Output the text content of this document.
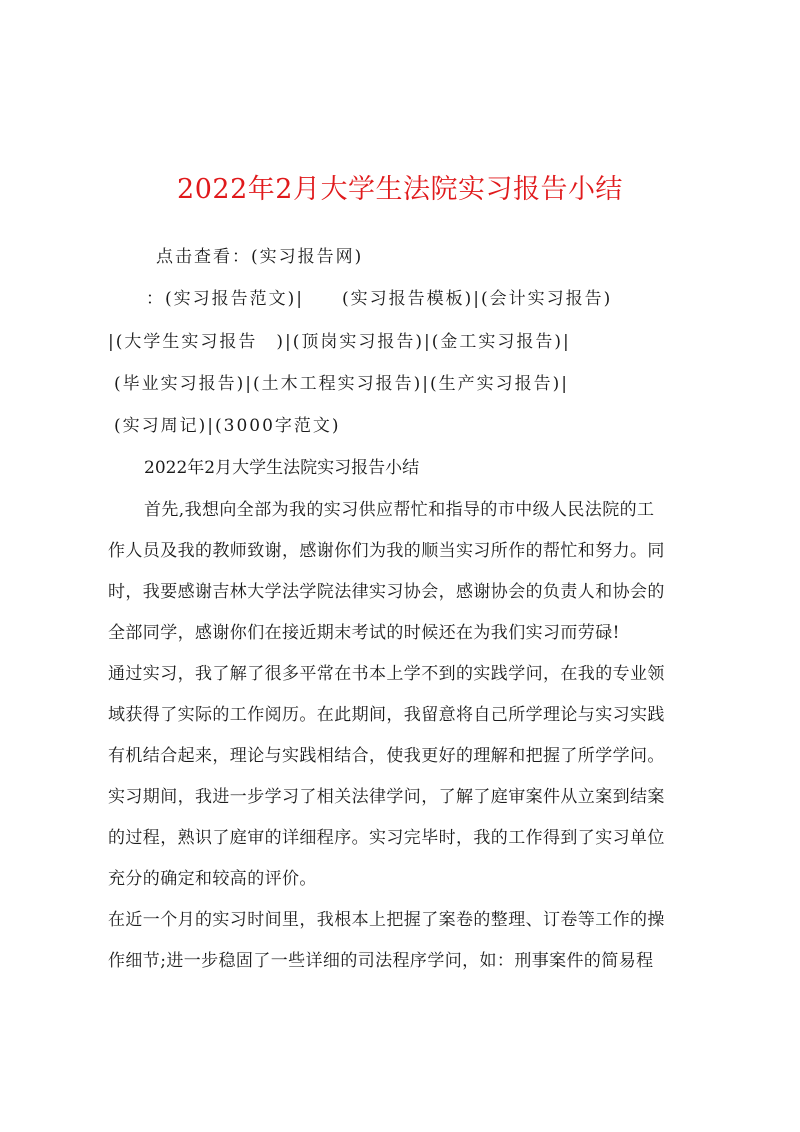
2022年2月大学生法院实习报告小结
点击查看：(实习报告网)
：(实习报告范文)|　　(实习报告模板)|(会计实习报告)
|(大学生实习报告　)|(顶岗实习报告)|(金工实习报告)|
(毕业实习报告)|(土木工程实习报告)|(生产实习报告)|
(实习周记)|(3000字范文)
2022年2月大学生法院实习报告小结
首先,我想向全部为我的实习供应帮忙和指导的市中级人民法院的工
作人员及我的教师致谢，感谢你们为我的顺当实习所作的帮忙和努力。同
时，我要感谢吉林大学法学院法律实习协会，感谢协会的负责人和协会的
全部同学，感谢你们在接近期末考试的时候还在为我们实习而劳碌!
通过实习，我了解了很多平常在书本上学不到的实践学问，在我的专业领
域获得了实际的工作阅历。在此期间，我留意将自己所学理论与实习实践
有机结合起来，理论与实践相结合，使我更好的理解和把握了所学学问。
实习期间，我进一步学习了相关法律学问，了解了庭审案件从立案到结案
的过程，熟识了庭审的详细程序。实习完毕时，我的工作得到了实习单位
充分的确定和较高的评价。
在近一个月的实习时间里，我根本上把握了案卷的整理、订卷等工作的操
作细节;进一步稳固了一些详细的司法程序学问，如：刑事案件的简易程
